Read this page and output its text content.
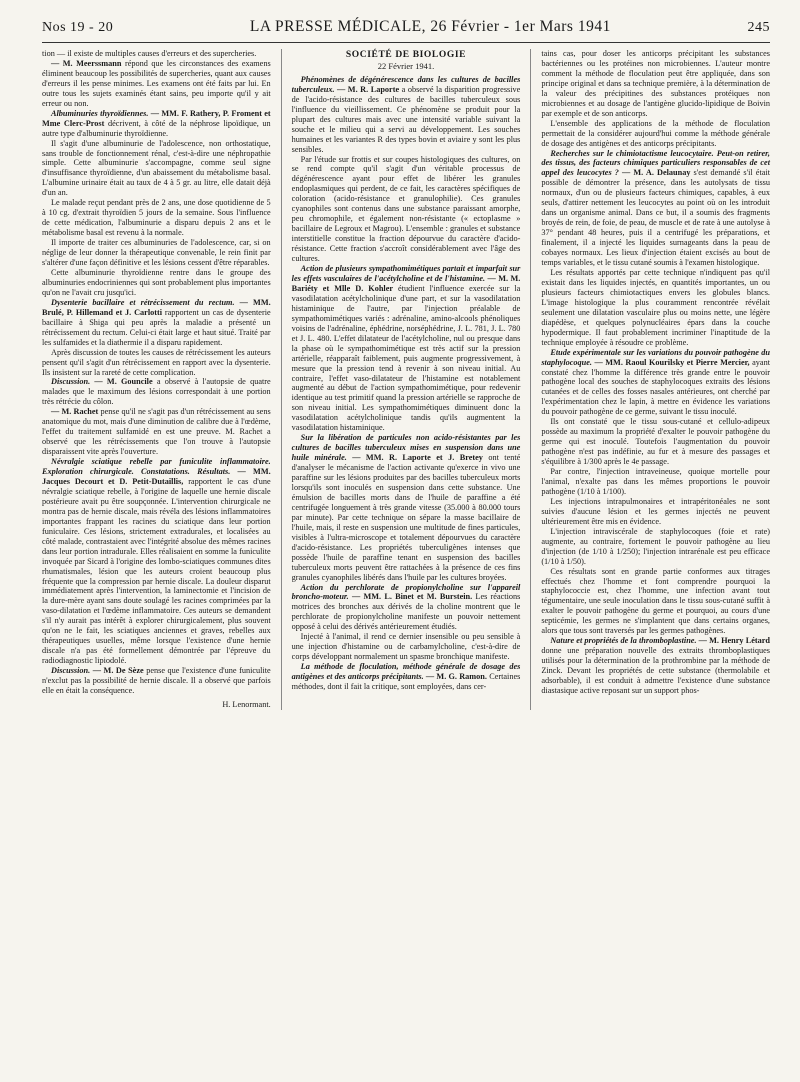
Nos 19 - 20	LA PRESSE MÉDICALE, 26 Février - 1er Mars 1941	245

tion — il existe de multiples causes d'erreurs et des supercheries.

— M. Meerssmann répond que les circonstances des examens éliminent beaucoup les possibilités de supercheries, quant aux causes d'erreurs il les pense minimes. Les examens ont été faits par lui. En outre tous les sujets examinés étant sains, peu importe qu'il y ait erreur ou non.

Albuminuries thyroïdiennes. — MM. F. Rathery, P. Froment et Mme Clerc-Prost décrivent, à côté de la néphrose lipoïdique, un autre type d'albuminurie thyroïdienne.

Il s'agit d'une albuminurie de l'adolescence, non orthostatique, sans trouble de fonctionnement rénal, c'est-à-dire une néphropathie simple. Cette albuminurie s'accompagne, comme seul signe d'insuffisance thyroïdienne, d'un abaissement du métabolisme basal. L'albumine urinaire était au taux de 4 à 5 gr. au litre, elle datait déjà d'un an.

Le malade reçut pendant près de 2 ans, une dose quotidienne de 5 à 10 cg. d'extrait thyroïdien 5 jours de la semaine. Sous l'influence de cette médication, l'albuminurie a disparu depuis 2 ans et le métabolisme basal est revenu à la normale.

Il importe de traiter ces albuminuries de l'adolescence, car, si on néglige de leur donner la thérapeutique convenable, le rein finit par s'altérer d'une façon définitive et les lésions cessent d'être réparables.

Cette albuminurie thyroïdienne rentre dans le groupe des albuminuries endocriniennes qui sont probablement plus importantes qu'on ne l'avait cru jusqu'ici.

Dysenterie bacillaire et rétrécissement du rectum. — MM. Brulé, P. Hillemand et J. Carlotti rapportent un cas de dysenterie bacillaire à Shiga qui peu après la maladie a présenté un rétrécissement du rectum. Celui-ci était large et haut situé. Traité par les sulfamides et la diathermie il a disparu rapidement.

Après discussion de toutes les causes de rétrécissement les auteurs pensent qu'il s'agit d'un rétrécissement en rapport avec la dysenterie. Ils insistent sur la rareté de cette complication.

Discussion. — M. Gouncile a observé à l'autopsie de quatre malades que le maximum des lésions correspondait à une portion très rétrécie du côlon.

— M. Rachet pense qu'il ne s'agit pas d'un rétrécissement au sens anatomique du mot, mais d'une diminution de calibre due à l'œdème, l'effet du traitement sulfamidé en est une preuve. M. Rachet a observé que les rétrécissements que l'on trouve à l'autopsie disparaissent vite après l'ouverture.

Névralgie sciatique rebelle par funiculite inflammatoire. Exploration chirurgicale. Constatations. Résultats. — MM. Jacques Decourt et D. Petit-Dutaillis, rapportent le cas d'une névralgie sciatique rebelle, à l'origine de laquelle une hernie discale postérieure avait pu être soupçonnée. L'intervention chirurgicale ne montra pas de hernie discale, mais révéla des lésions inflammatoires importantes frappant les racines du sciatique dans leur portion funiculaire. Ces lésions, strictement extradurales, et localisées au côté malade, contrastaient avec l'intégrité absolue des mêmes racines dans leur portion intradurale. Elles réalisaient en somme la funiculite invoquée par Sicard à l'origine des lombo-sciatiques communes dites rhumatismales, lésion que les auteurs croient beaucoup plus fréquente que la compression par hernie discale. La douleur disparut immédiatement après l'intervention, la laminectomie et l'incision de la dure-mère ayant sans doute soulagé les racines comprimées par la vaso-dilatation et l'œdème inflammatoire. Ces auteurs se demandent s'il n'y aurait pas intérêt à explorer chirurgicalement, plus souvent qu'on ne le fait, les sciatiques anciennes et graves, rebelles aux thérapeutiques usuelles, même lorsque l'existence d'une hernie discale n'a pas été formellement démontrée par l'épreuve du radiodiagnostic lipiodolé.

Discussion. — M. De Sèze pense que l'existence d'une funiculite n'exclut pas la possibilité de hernie discale. Il a observé que parfois elle en était la conséquence.

H. Lenormant.
SOCIÉTÉ DE BIOLOGIE
22 Février 1941.

Phénomènes de dégénérescence dans les cultures de bacilles tuberculeux. — M. R. Laporte a observé la disparition progressive de l'acido-résistance des cultures de bacilles tuberculeux sous l'influence du vieillissement. Ce phénomène se produit pour la plupart des cultures mais avec une intensité variable suivant la souche et le milieu qui a servi au développement. Les souches humaines et les variantes R des types bovin et aviaire y sont les plus sensibles.

Par l'étude sur frottis et sur coupes histologiques des cultures, on se rend compte qu'il s'agit d'un véritable processus de dégénérescence ayant pour effet de libérer les granules endoplasmiques qui perdent, de ce fait, les caractères spécifiques de coloration (acido-résistance et granulophilie). Ces granules cyanophiles sont contenus dans une substance paraissant amorphe, peu chromophile, et également non-résistante (« ectoplasme » bacillaire de Legroux et Magrou). L'ensemble : granules et substance interstitielle constitue la fraction dépourvue du caractère d'acido-résistance. Cette fraction s'accroît considérablement avec l'âge des cultures.

Action de plusieurs sympathomimétiques partait et imparfait sur les effets vasculaires de l'acétylcholine et de l'histamine. — M. M. Bariéty et Mlle D. Kohler étudient l'influence exercée sur la vasodilatation acétylcholinique d'une part, et sur la vasodilatation histaminique de l'autre, par l'injection préalable de sympathomimétiques variés : adrénaline, amino-alcools phénoliques voisins de l'adrénaline, éphédrine, norséphédrine, J. L. 781, J. L. 780 et J. L. 480. L'effet dilatateur de l'acétylcholine, nul ou presque dans la phase où le sympathomimétique est très actif sur la pression artérielle, réapparaît faiblement, puis augmente progressivement, à mesure que la pression tend à revenir à son niveau initial. Au contraire, l'effet vaso-dilatateur de l'histamine est notablement augmenté au début de l'action sympathomimétique, pour redevenir identique au test primitif quand la pression artérielle se rapproche de son niveau initial. Les sympathomimétiques diminuent donc la vasodilatation acétylcholinique tandis qu'ils augmentent la vasodilatation histaminique.

Sur la libération de particules non acido-résistantes par les cultures de bacilles tuberculeux mises en suspension dans une huile minérale. — MM. R. Laporte et J. Bretey ont tenté d'analyser le mécanisme de l'action activante qu'exerce in vivo une paraffine sur les lésions produites par des bacilles tuberculeux morts lorsqu'ils sont inoculés en suspension dans cette substance. Une émulsion de bacilles morts dans de l'huile de paraffine a été centrifugée longuement à très grande vitesse (35.000 à 80.000 tours par minute). Par cette technique on sépare la masse bacillaire de l'huile, mais, il reste en suspension une multitude de fines particules, visibles à l'ultra-microscope et totalement dépourvues du caractère d'acido-résistance. Les propriétés tuberculigènes intenses que possède l'huile de paraffine tenant en suspension des bacilles tuberculeux morts peuvent être rattachées à la présence de ces fins granules cyanophiles libérés dans l'huile par les cultures broyées.

Action du perchlorate de propionylcholine sur l'appareil broncho-moteur. — MM. L. Binet et M. Burstein. Les réactions motrices des bronches aux dérivés de la choline montrent que le perchlorate de propionylcholine manifeste un pouvoir nettement opposé à celui des dérivés antérieurement étudiés.

Injecté à l'animal, il rend ce dernier insensible ou peu sensible à une injection d'histamine ou de carbamylcholine, c'est-à-dire de corps développant normalement un spasme bronchique manifeste.

La méthode de floculation, méthode générale de dosage des antigènes et des anticorps précipitants. — M. G. Ramon. Certaines méthodes, dont il fait la critique, sont employées, dans cer-

tains cas, pour doser les anticorps précipitant les substances bactériennes ou les protéines non microbiennes. L'auteur montre comment la méthode de floculation peut être appliquée, dans son principe original et dans sa technique première, à la détermination de la valeur des précipitines des substances protéiques non microbiennes et au dosage de l'antigène glucido-lipidique de Boivin par exemple et de son anticorps.

L'ensemble des applications de la méthode de floculation permettait de la considérer aujourd'hui comme la méthode générale de dosage des antigènes et des anticorps précipitants.

Recherches sur le chimiotactisme leucocytaire. Peut-on retirer, des tissus, des facteurs chimiques particuliers responsables de cet appel des leucocytes ? — M. A. Delaunay s'est demandé s'il était possible de démontrer la présence, dans les autolysats de tissu normaux, d'un ou de plusieurs facteurs chimiques, capables, à eux seuls, d'attirer nettement les leucocytes au point où on les introduit dans un organisme animal. Dans ce but, il a soumis des fragments broyés de rein, de foie, de peau, de muscle et de rate à une autolyse à 37° pendant 48 heures, puis il a centrifugé les préparations, et finalement, il a injecté les liquides surnageants dans la peau de cobayes normaux. Les lieux d'injection étaient excisés au bout de temps variables, et le tissu cutané soumis à l'examen histologique.

Les résultats apportés par cette technique n'indiquent pas qu'il existait dans les liquides injectés, en quantités importantes, un ou plusieurs facteurs chimiotactiques envers les globules blancs. L'image histologique la plus couramment rencontrée révélait seulement une dilatation vasculaire plus ou moins nette, une légère diapédèse, et quelques polynucléaires épars dans la couche hypodermique. Il faut probablement incriminer l'inaptitude de la technique employée à résoudre ce problème.

Etude expérimentale sur les variations du pouvoir pathogène du staphylocoque. — MM. Raoul Kourilsky et Pierre Mercier, ayant constaté chez l'homme la différence très grande entre le pouvoir pathogène local des souches de staphylocoques extraits des lésions cutanées et de celles des fosses nasales antérieures, ont cherché par l'expérimentation chez le lapin, à mettre en évidence les variations du pouvoir pathogène de ce germe, suivant le tissu inoculé.

Ils ont constaté que le tissu sous-cutané et cellulo-adipeux possède au maximum la propriété d'exalter le pouvoir pathogène du germe qui est inoculé. Toutefois l'augmentation du pouvoir pathogène n'est pas indéfinie, au fur et à mesure des passages et s'équilibre à 1/300 après le 4e passage.

Par contre, l'injection intraveineuse, quoique mortelle pour l'animal, n'exalte pas dans les mêmes proportions le pouvoir pathogène (1/10 à 1/100).

Les injections intrapulmonaires et intrapéritonéales ne sont suivies d'aucune lésion et les germes injectés ne peuvent ultérieurement être mis en évidence.

L'injection intraviscérale de staphylocoques (foie et rate) augmente, au contraire, fortement le pouvoir pathogène au lieu d'injection (de 1/10 à 1/250); l'injection intrarénale est peu efficace (1/10 à 1/50).

Ces résultats sont en grande partie conformes aux titrages effectués chez l'homme et font comprendre pourquoi la staphylococcie est, chez l'homme, une infection avant tout tégumentaire, une seule inoculation dans le tissu sous-cutané suffit à exalter le pouvoir pathogène du germe et pourquoi, au cours d'une septicémie, les germes ne s'implantent que dans certains organes, alors que tous sont traversés par les germes pathogènes.

Nature et propriétés de la thromboplastine. — M. Henry Létard donne une préparation nouvelle des extraits thromboplastiques utilisés pour la détermination de la prothrombine par la méthode de Zinck. Devant les propriétés de cette substance (thermolabile et adsorbable), il est conduit à admettre l'existence d'une substance diastasique active reposant sur un support phos-
